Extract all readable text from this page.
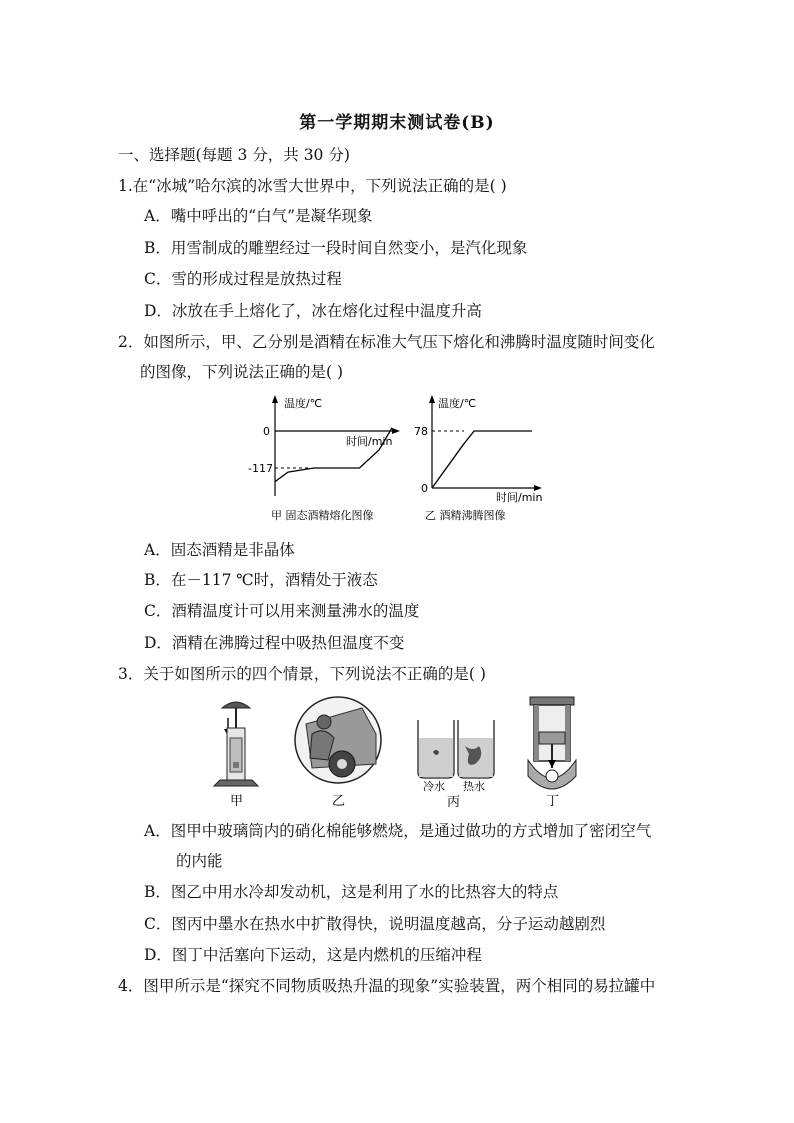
第一学期期末测试卷(B)
一、选择题(每题 3 分，共 30 分)
1.在“冰城”哈尔滨的冰雪大世界中，下列说法正确的是( )
A．嘴中呼出的“白气”是凝华现象
B．用雪制成的雕塑经过一段时间自然变小，是汽化现象
C．雪的形成过程是放热过程
D．冰放在手上熔化了，冰在熔化过程中温度升高
2．如图所示，甲、乙分别是酒精在标准大气压下熔化和沸腾时温度随时间变化
的图像，下列说法正确的是( )
温度/℃
时间/min
0
-117
甲 固态酒精熔化图像
温度/℃
时间/min
78
0
乙 酒精沸腾图像
A．固态酒精是非晶体
B．在－117 ℃时，酒精处于液态
C．酒精温度计可以用来测量沸水的温度
D．酒精在沸腾过程中吸热但温度不变
3．关于如图所示的四个情景，下列说法不正确的是( )
甲	乙
冷水 热水
丙	丁
A．图甲中玻璃筒内的硝化棉能够燃烧，是通过做功的方式增加了密闭空气
的内能
B．图乙中用水冷却发动机，这是利用了水的比热容大的特点
C．图丙中墨水在热水中扩散得快，说明温度越高，分子运动越剧烈
D．图丁中活塞向下运动，这是内燃机的压缩冲程
4．图甲所示是“探究不同物质吸热升温的现象”实验装置，两个相同的易拉罐中
